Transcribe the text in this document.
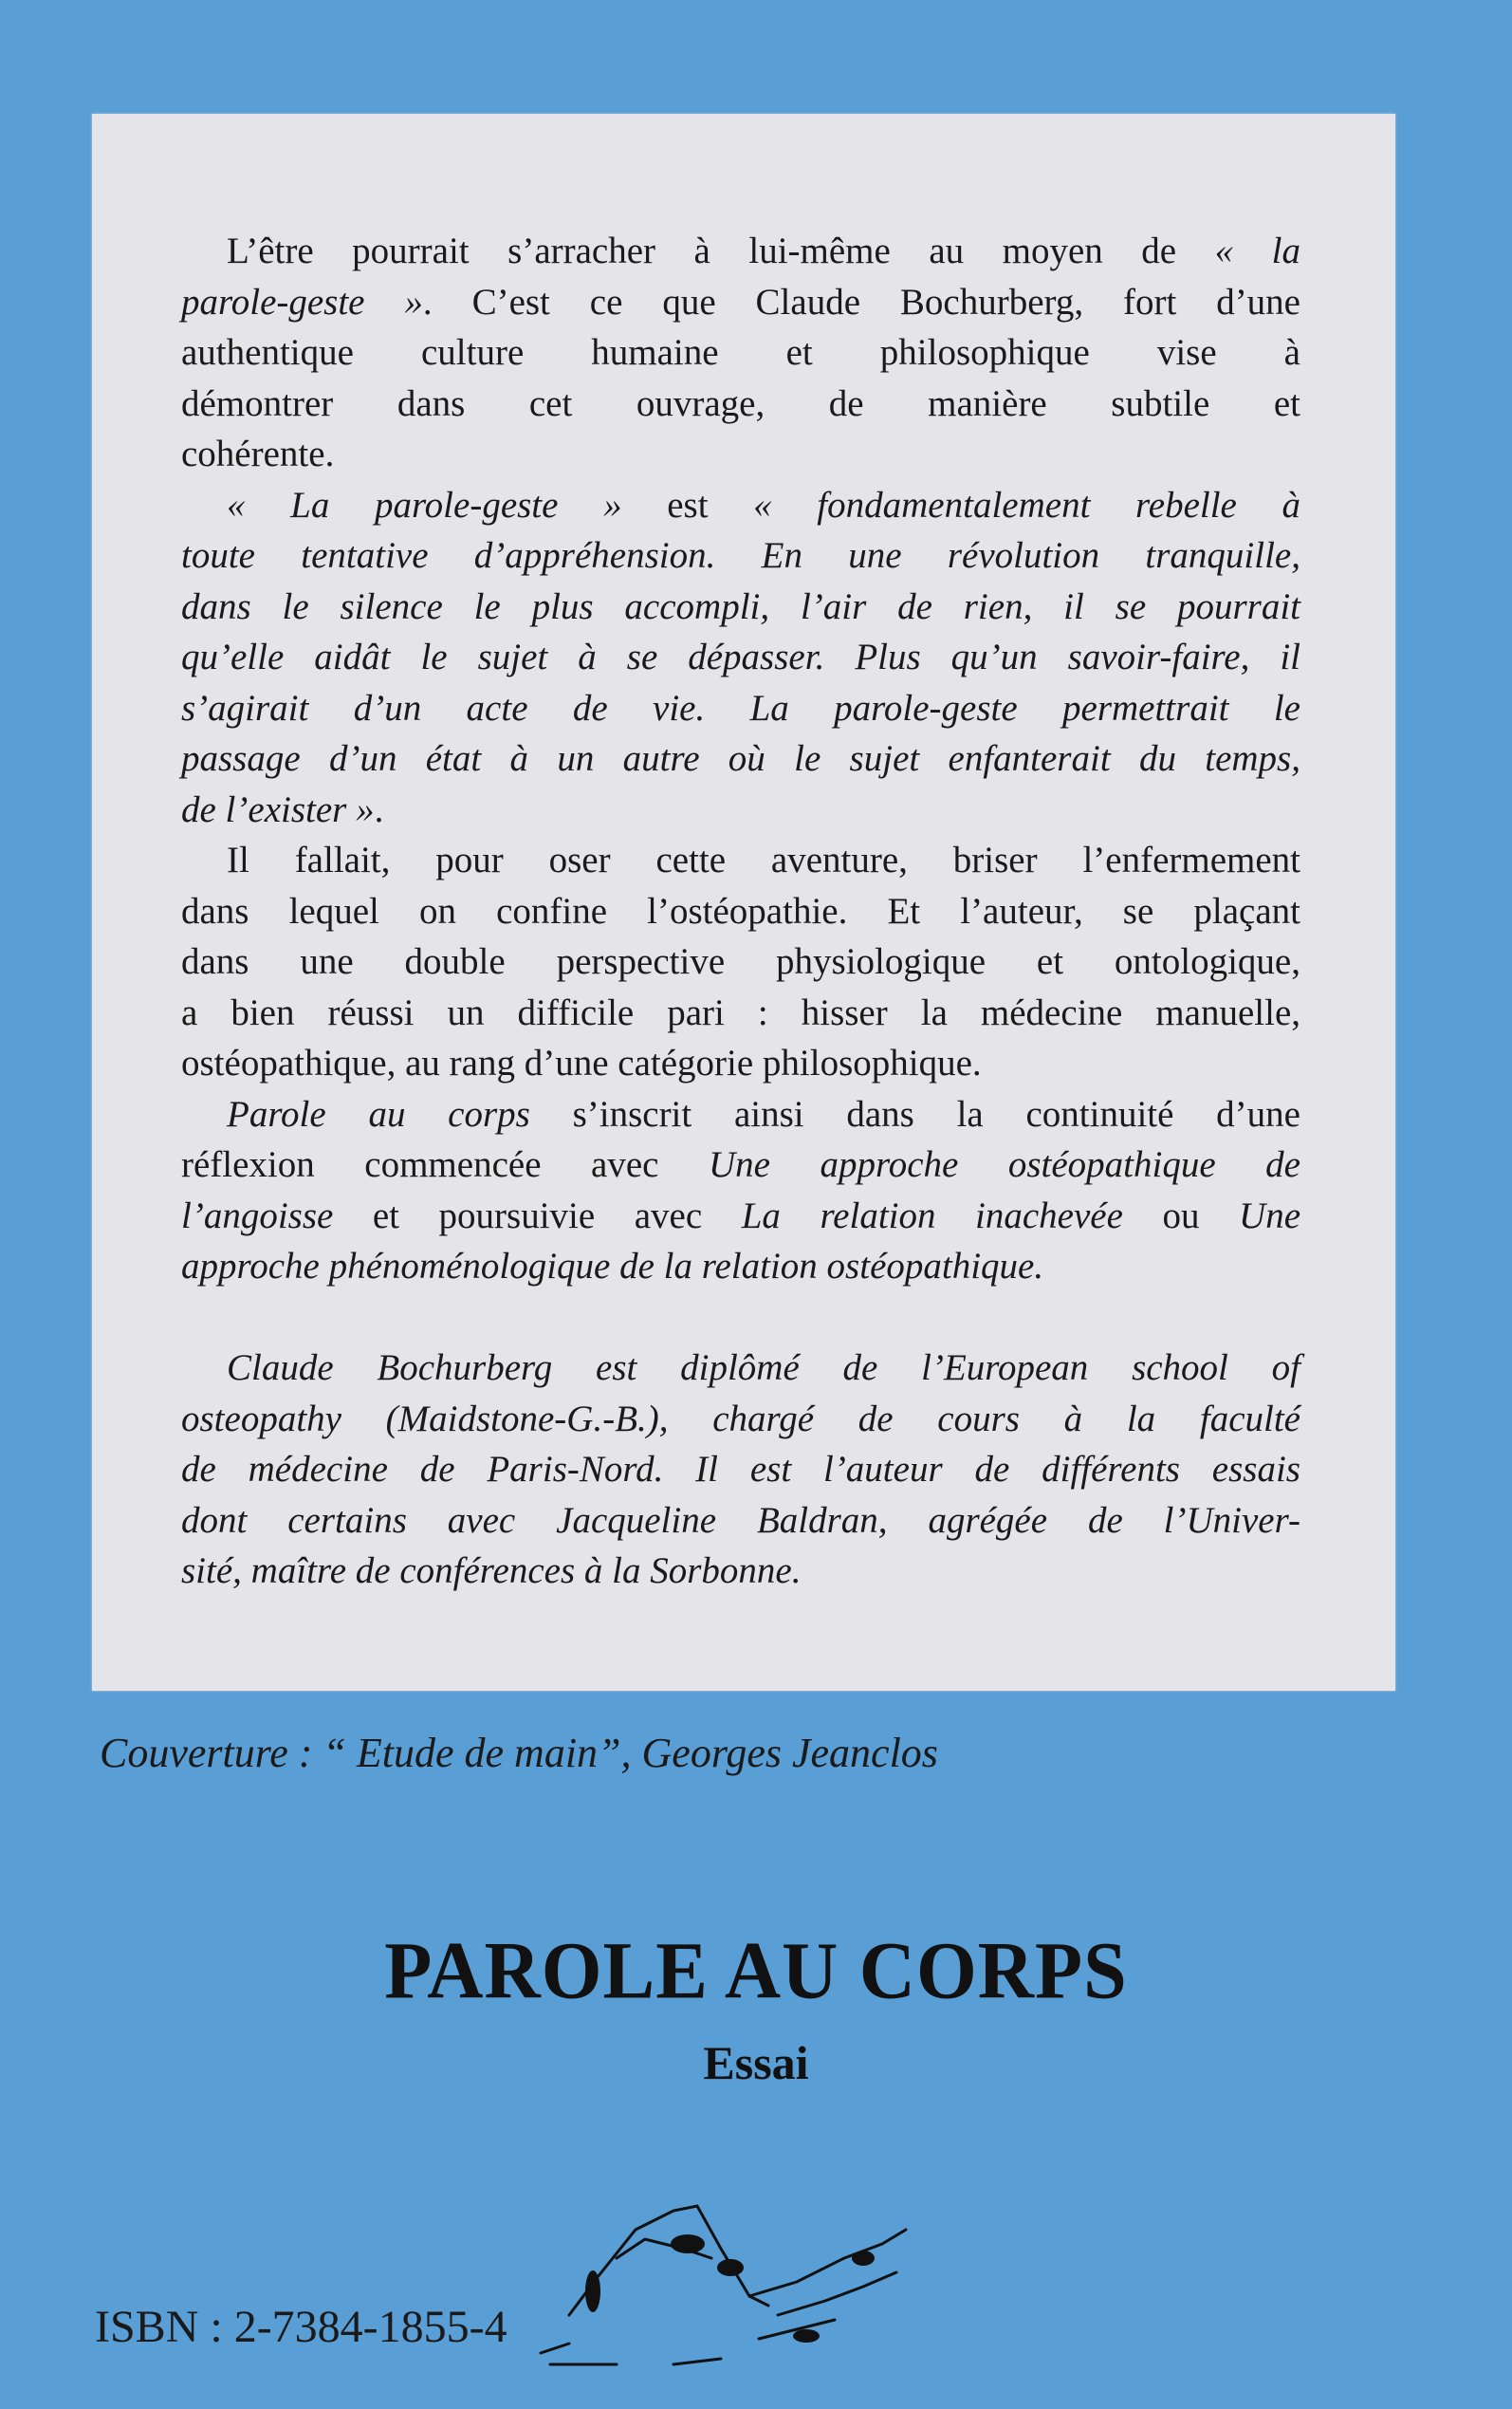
L’être pourrait s’arracher à lui-même au moyen de « la
parole-geste ». C’est ce que Claude Bochurberg, fort d’une
authentique culture humaine et philosophique vise à
démontrer dans cet ouvrage, de manière subtile et
cohérente.
« La parole-geste » est « fondamentalement rebelle à
toute tentative d’appréhension. En une révolution tranquille,
dans le silence le plus accompli, l’air de rien, il se pourrait
qu’elle aidât le sujet à se dépasser. Plus qu’un savoir-faire, il
s’agirait d’un acte de vie. La parole-geste permettrait le
passage d’un état à un autre où le sujet enfanterait du temps,
de l’exister ».
Il fallait, pour oser cette aventure, briser l’enfermement
dans lequel on confine l’ostéopathie. Et l’auteur, se plaçant
dans une double perspective physiologique et ontologique,
a bien réussi un difficile pari : hisser la médecine manuelle,
ostéopathique, au rang d’une catégorie philosophique.
Parole au corps s’inscrit ainsi dans la continuité d’une
réflexion commencée avec Une approche ostéopathique de
l’angoisse et poursuivie avec La relation inachevée ou Une
approche phénoménologique de la relation ostéopathique.
Claude Bochurberg est diplômé de l’European school of
osteopathy (Maidstone-G.-B.), chargé de cours à la faculté
de médecine de Paris-Nord. Il est l’auteur de différents essais
dont certains avec Jacqueline Baldran, agrégée de l’Univer-
sité, maître de conférences à la Sorbonne.
Couverture : “ Etude de main”, Georges Jeanclos
PAROLE AU CORPS
Essai
ISBN : 2-7384-1855-4
